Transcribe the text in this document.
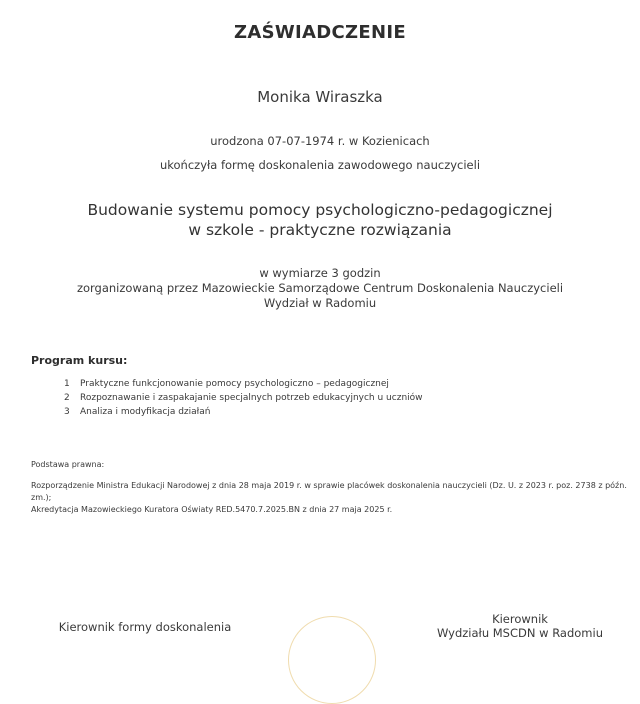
ZAŚWIADCZENIE
Monika Wiraszka
urodzona 07-07-1974 r. w Kozienicach
ukończyła formę doskonalenia zawodowego nauczycieli
Budowanie systemu pomocy psychologiczno-pedagogicznej
w szkole - praktyczne rozwiązania
w wymiarze 3 godzin
zorganizowaną przez Mazowieckie Samorządowe Centrum Doskonalenia Nauczycieli
Wydział w Radomiu
Program kursu:
1	Praktyczne funkcjonowanie pomocy psychologiczno – pedagogicznej
2	Rozpoznawanie i zaspakajanie specjalnych potrzeb edukacyjnych u uczniów
3	Analiza i modyfikacja działań
Podstawa prawna:
Rozporządzenie Ministra Edukacji Narodowej z dnia 28 maja 2019 r. w sprawie placówek doskonalenia nauczycieli (Dz. U. z 2023 r. poz. 2738 z późn. zm.);
Akredytacja Mazowieckiego Kuratora Oświaty RED.5470.7.2025.BN z dnia 27 maja 2025 r.
Kierownik formy doskonalenia
Kierownik
Wydziału MSCDN w Radomiu
